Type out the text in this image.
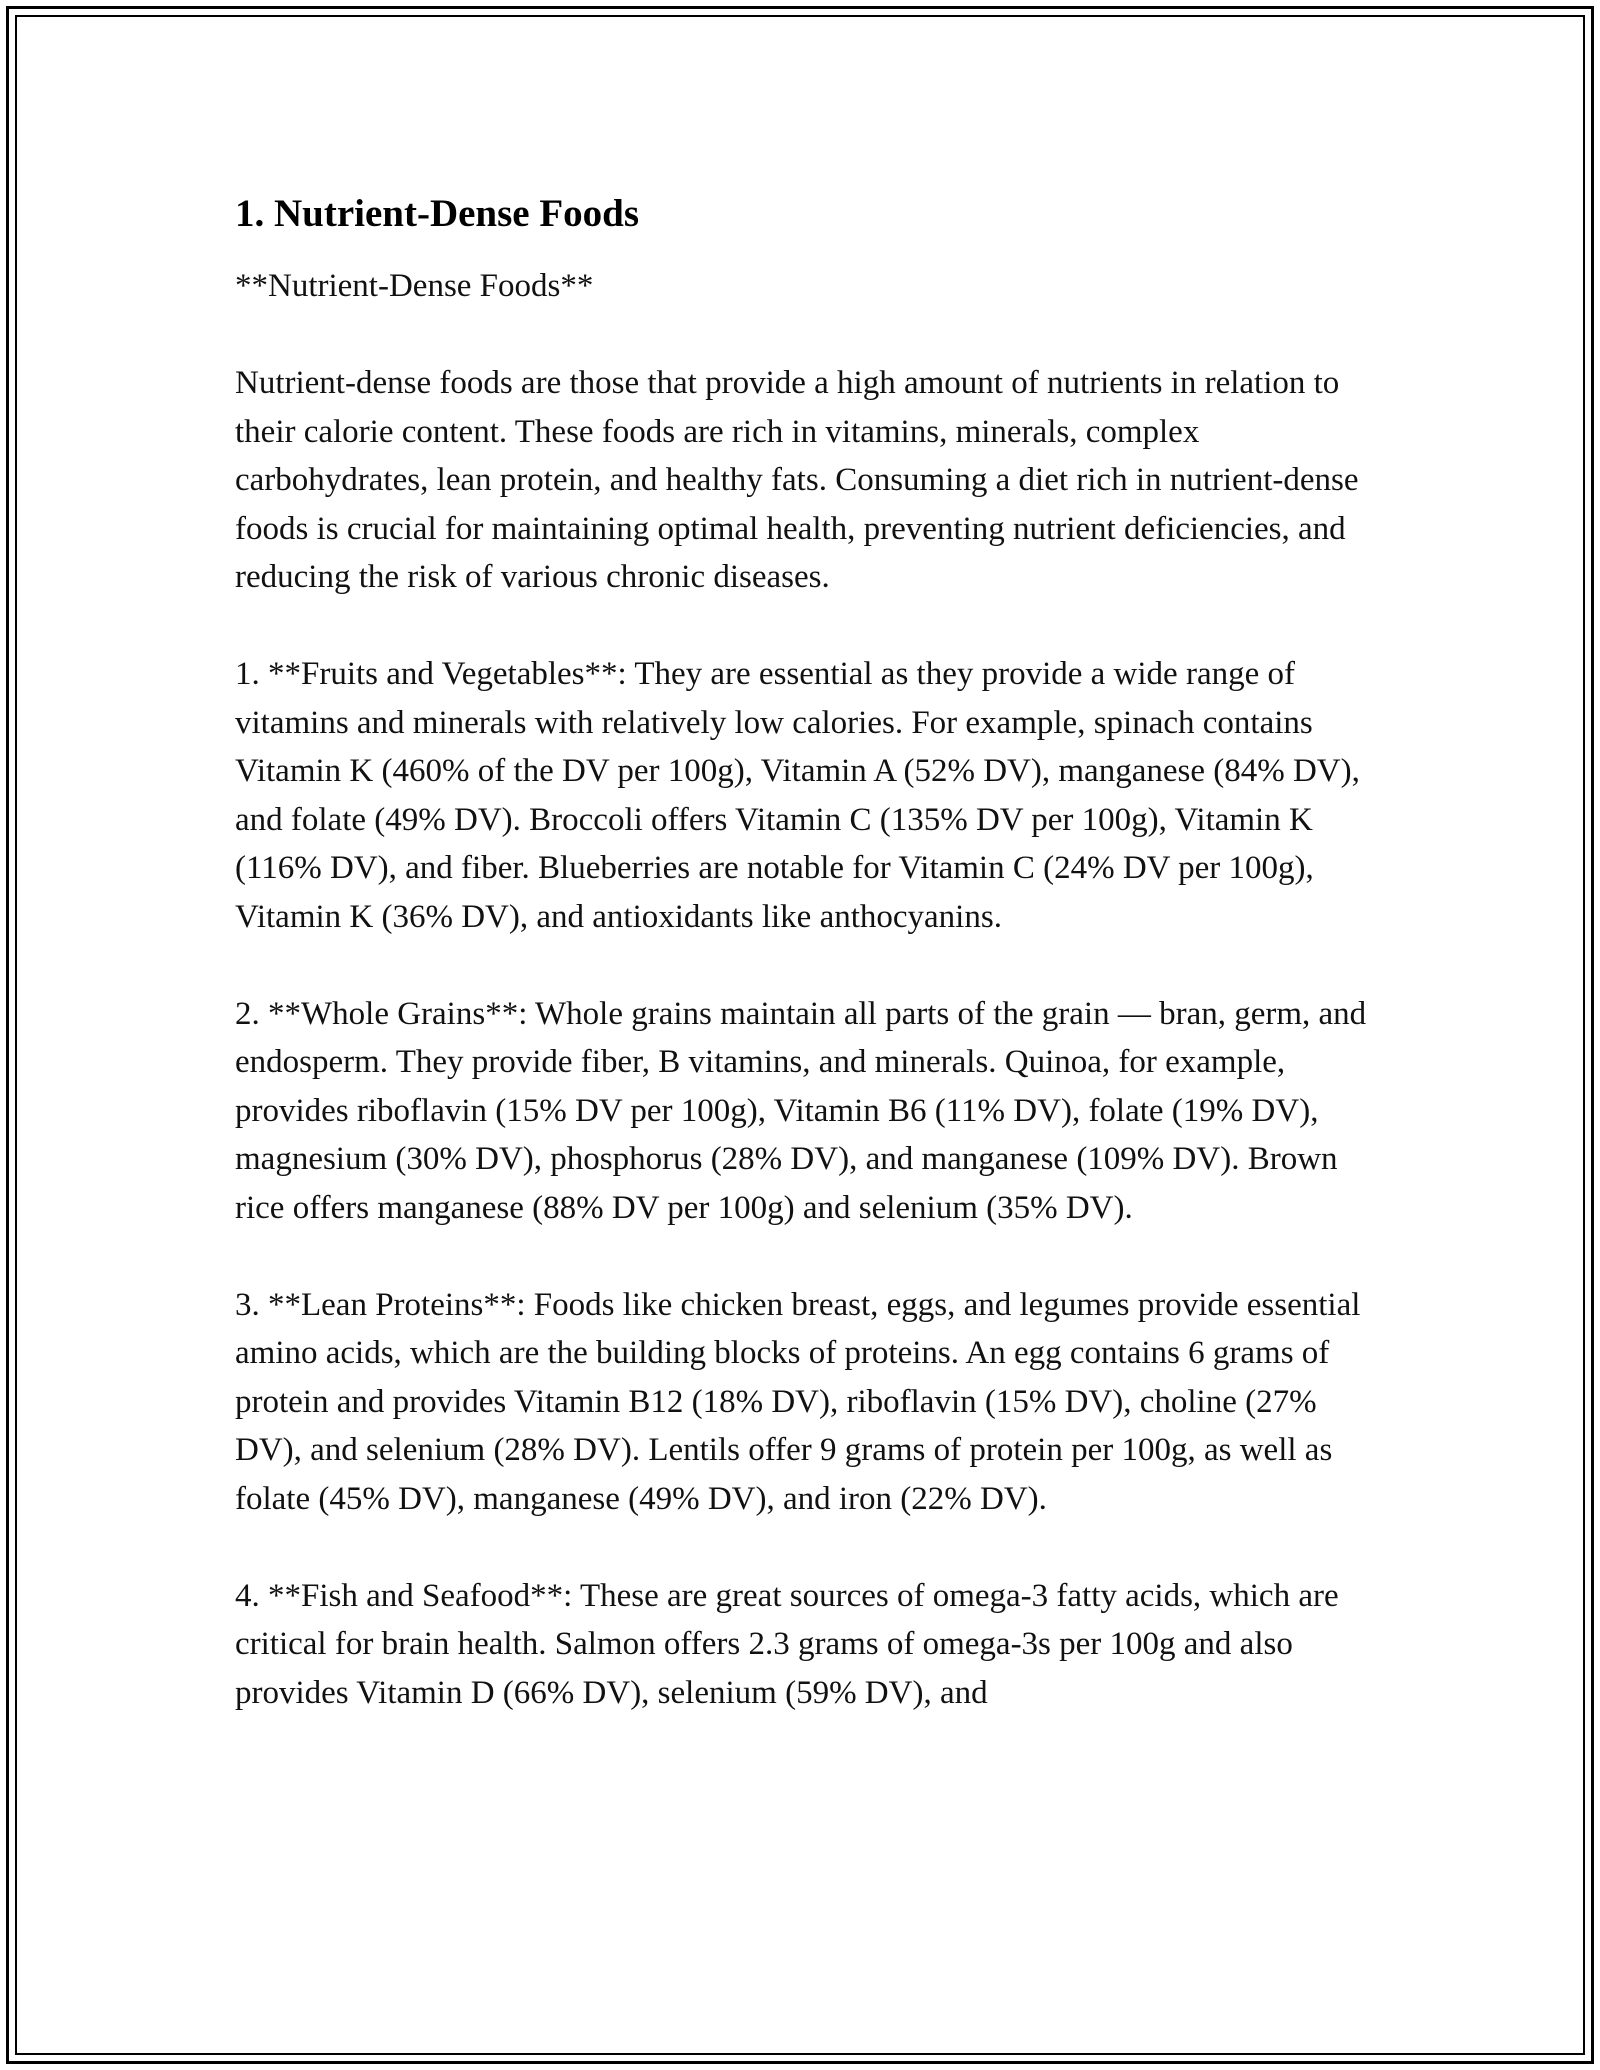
1. Nutrient-Dense Foods

**Nutrient-Dense Foods**

Nutrient-dense foods are those that provide a high amount of nutrients in relation to their calorie content. These foods are rich in vitamins, minerals, complex carbohydrates, lean protein, and healthy fats. Consuming a diet rich in nutrient-dense foods is crucial for maintaining optimal health, preventing nutrient deficiencies, and reducing the risk of various chronic diseases.

1. **Fruits and Vegetables**: They are essential as they provide a wide range of vitamins and minerals with relatively low calories. For example, spinach contains Vitamin K (460% of the DV per 100g), Vitamin A (52% DV), manganese (84% DV), and folate (49% DV). Broccoli offers Vitamin C (135% DV per 100g), Vitamin K (116% DV), and fiber. Blueberries are notable for Vitamin C (24% DV per 100g), Vitamin K (36% DV), and antioxidants like anthocyanins.

2. **Whole Grains**: Whole grains maintain all parts of the grain — bran, germ, and endosperm. They provide fiber, B vitamins, and minerals. Quinoa, for example, provides riboflavin (15% DV per 100g), Vitamin B6 (11% DV), folate (19% DV), magnesium (30% DV), phosphorus (28% DV), and manganese (109% DV). Brown rice offers manganese (88% DV per 100g) and selenium (35% DV).

3. **Lean Proteins**: Foods like chicken breast, eggs, and legumes provide essential amino acids, which are the building blocks of proteins. An egg contains 6 grams of protein and provides Vitamin B12 (18% DV), riboflavin (15% DV), choline (27% DV), and selenium (28% DV). Lentils offer 9 grams of protein per 100g, as well as folate (45% DV), manganese (49% DV), and iron (22% DV).

4. **Fish and Seafood**: These are great sources of omega-3 fatty acids, which are critical for brain health. Salmon offers 2.3 grams of omega-3s per 100g and also provides Vitamin D (66% DV), selenium (59% DV), and
